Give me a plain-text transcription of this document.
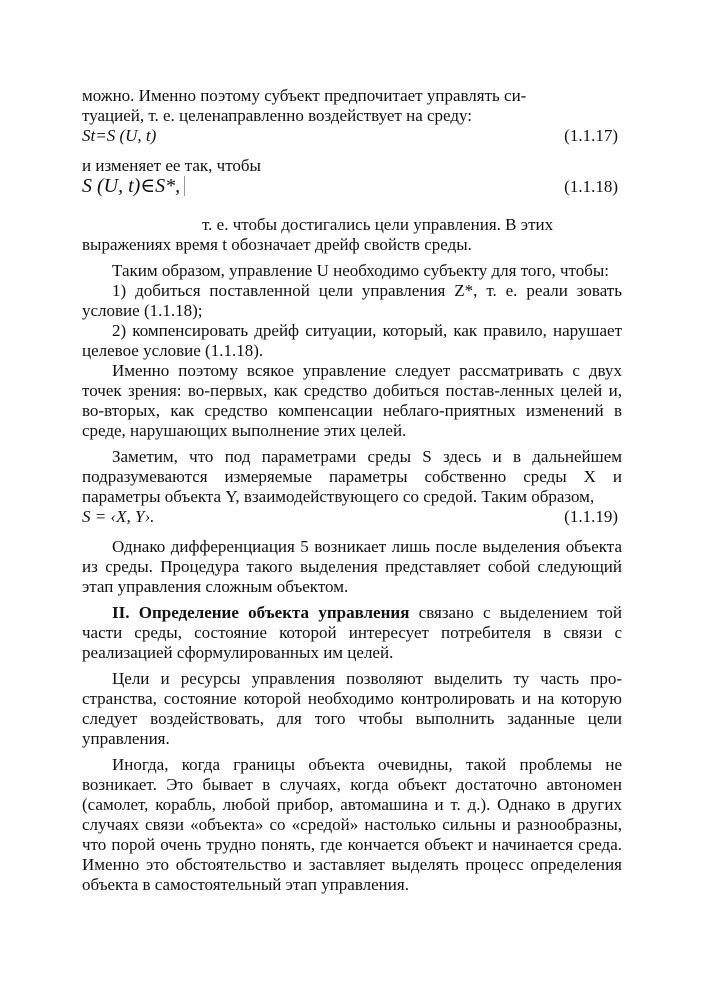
можно. Именно поэтому субъект предпочитает управлять си-
туацией, т. е. целенаправленно воздействует на среду:

St=S (U, t)	(1.1.17)

и изменяет ее так, чтобы

S (U, t)∈S*,	(1.1.18)

т. е. чтобы достигались цели управления. В этих
выражениях время t обозначает дрейф свойств среды.

Таким образом, управление U необходимо субъекту для того, чтобы:

1) добиться поставленной цели управления Z*, т. е. реали зовать условие (1.1.18);

2) компенсировать дрейф ситуации, который, как правило, нарушает целевое условие (1.1.18).

Именно поэтому всякое управление следует рассматривать с двух точек зрения: во-первых, как средство добиться постав-ленных целей и, во-вторых, как средство компенсации неблаго-приятных изменений в среде, нарушающих выполнение этих целей.

Заметим, что под параметрами среды S здесь и в дальнейшем подразумеваются измеряемые параметры собственно среды X и параметры объекта Y, взаимодействующего со средой. Таким образом,

S = ‹X, Y›.	(1.1.19)

Однако дифференциация 5 возникает лишь после выделения объекта из среды. Процедура такого выделения представляет собой следующий этап управления сложным объектом.

II. Определение объекта управления связано с выделением той части среды, состояние которой интересует потребителя в связи с реализацией сформулированных им целей.

Цели и ресурсы управления позволяют выделить ту часть про-странства, состояние которой необходимо контролировать и на которую следует воздействовать, для того чтобы выполнить заданные цели управления.

Иногда, когда границы объекта очевидны, такой проблемы не возникает. Это бывает в случаях, когда объект достаточно автономен (самолет, корабль, любой прибор, автомашина и т. д.). Однако в других случаях связи «объекта» со «средой» настолько сильны и разнообразны, что порой очень трудно понять, где кончается объект и начинается среда. Именно это обстоятельство и заставляет выделять процесс определения объекта в самостоятельный этап управления.
